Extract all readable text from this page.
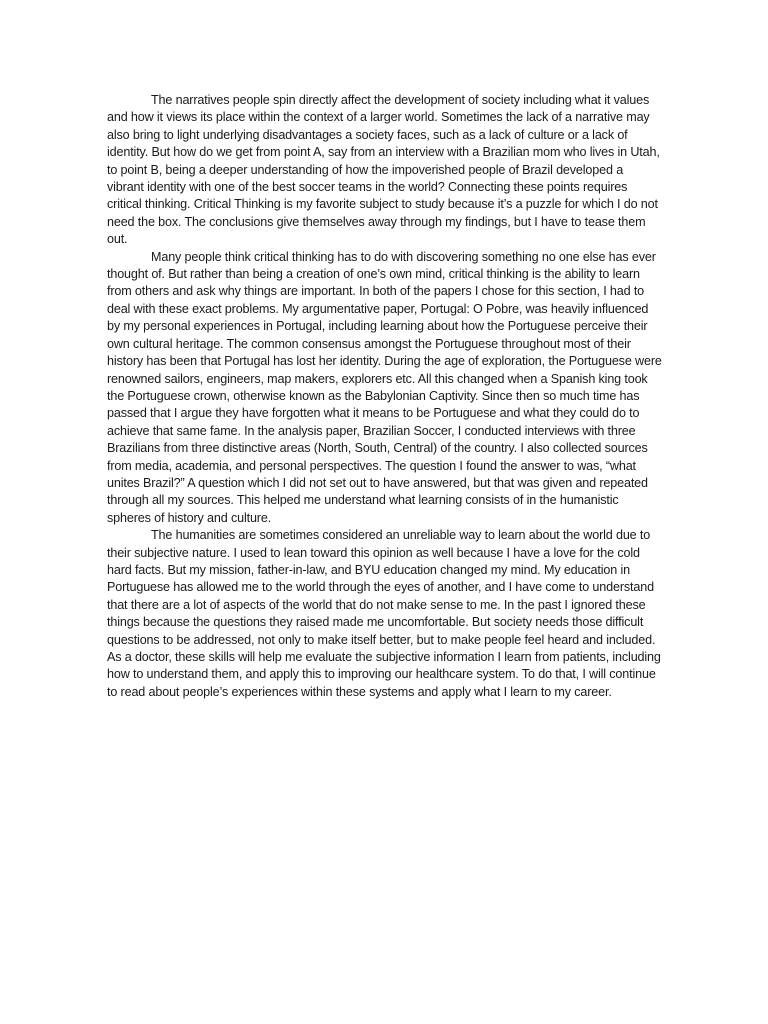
The narratives people spin directly affect the development of society including what it values and how it views its place within the context of a larger world. Sometimes the lack of a narrative may also bring to light underlying disadvantages a society faces, such as a lack of culture or a lack of identity. But how do we get from point A, say from an interview with a Brazilian mom who lives in Utah, to point B, being a deeper understanding of how the impoverished people of Brazil developed a vibrant identity with one of the best soccer teams in the world? Connecting these points requires critical thinking. Critical Thinking is my favorite subject to study because it’s a puzzle for which I do not need the box. The conclusions give themselves away through my findings, but I have to tease them out.

Many people think critical thinking has to do with discovering something no one else has ever thought of. But rather than being a creation of one’s own mind, critical thinking is the ability to learn from others and ask why things are important. In both of the papers I chose for this section, I had to deal with these exact problems. My argumentative paper, Portugal: O Pobre, was heavily influenced by my personal experiences in Portugal, including learning about how the Portuguese perceive their own cultural heritage. The common consensus amongst the Portuguese throughout most of their history has been that Portugal has lost her identity. During the age of exploration, the Portuguese were renowned sailors, engineers, map makers, explorers etc. All this changed when a Spanish king took the Portuguese crown, otherwise known as the Babylonian Captivity. Since then so much time has passed that I argue they have forgotten what it means to be Portuguese and what they could do to achieve that same fame. In the analysis paper, Brazilian Soccer, I conducted interviews with three Brazilians from three distinctive areas (North, South, Central) of the country. I also collected sources from media, academia, and personal perspectives. The question I found the answer to was, “what unites Brazil?” A question which I did not set out to have answered, but that was given and repeated through all my sources. This helped me understand what learning consists of in the humanistic spheres of history and culture.

The humanities are sometimes considered an unreliable way to learn about the world due to their subjective nature. I used to lean toward this opinion as well because I have a love for the cold hard facts. But my mission, father-in-law, and BYU education changed my mind. My education in Portuguese has allowed me to the world through the eyes of another, and I have come to understand that there are a lot of aspects of the world that do not make sense to me. In the past I ignored these things because the questions they raised made me uncomfortable. But society needs those difficult questions to be addressed, not only to make itself better, but to make people feel heard and included. As a doctor, these skills will help me evaluate the subjective information I learn from patients, including how to understand them, and apply this to improving our healthcare system. To do that, I will continue to read about people’s experiences within these systems and apply what I learn to my career.
